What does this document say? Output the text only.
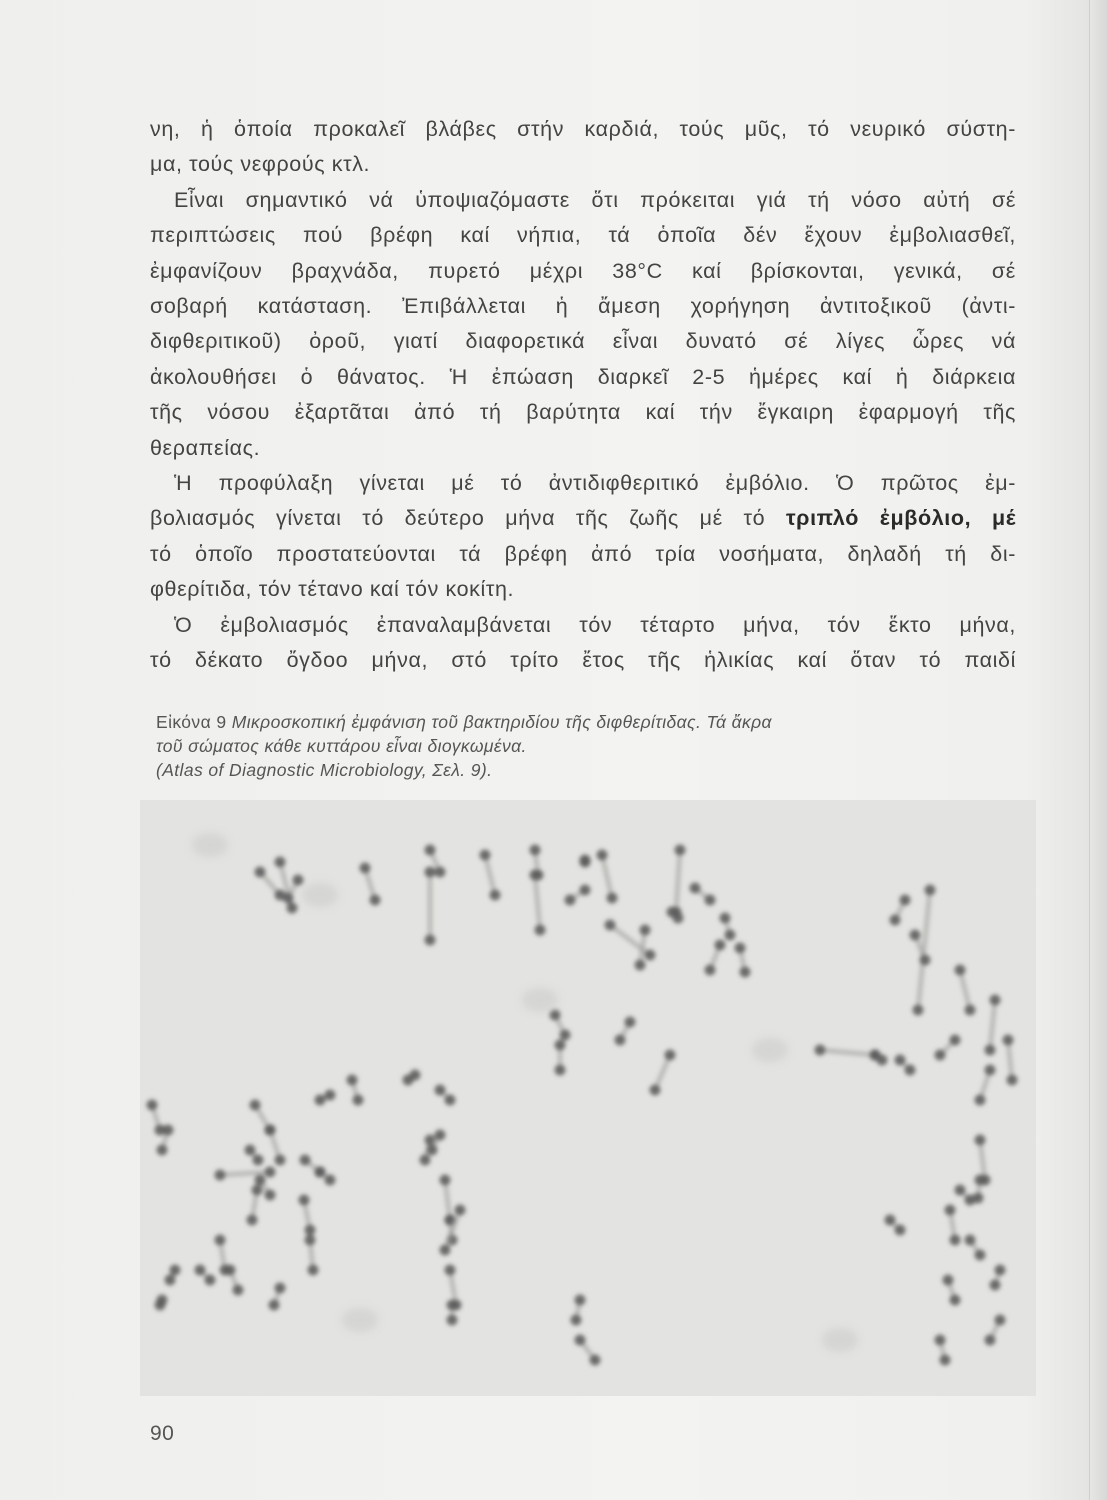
νη, ἡ ὁποία προκαλεῖ βλάβες στήν καρδιά, τούς μῦς, τό νευρικό σύστη-
μα, τούς νεφρούς κτλ.
Εἶναι σημαντικό νά ὑποψιαζόμαστε ὅτι πρόκειται γιά τή νόσο αὐτή σέ
περιπτώσεις πού βρέφη καί νήπια, τά ὁποῖα δέν ἔχουν ἐμβολιασθεῖ,
ἐμφανίζουν βραχνάδα, πυρετό μέχρι 38°C καί βρίσκονται, γενικά, σέ
σοβαρή κατάσταση. Ἐπιβάλλεται ἡ ἄμεση χορήγηση ἀντιτοξικοῦ (ἀντι-
διφθεριτικοῦ) ὀροῦ, γιατί διαφορετικά εἶναι δυνατό σέ λίγες ὧρες νά
ἀκολουθήσει ὁ θάνατος. Ἡ ἐπώαση διαρκεῖ 2-5 ἡμέρες καί ἡ διάρκεια
τῆς νόσου ἐξαρτᾶται ἀπό τή βαρύτητα καί τήν ἔγκαιρη ἐφαρμογή τῆς
θεραπείας.
Ἡ προφύλαξη γίνεται μέ τό ἀντιδιφθεριτικό ἐμβόλιο. Ὁ πρῶτος ἐμ-
βολιασμός γίνεται τό δεύτερο μήνα τῆς ζωῆς μέ τό τριπλό ἐμβόλιο, μέ
τό ὁποῖο προστατεύονται τά βρέφη ἀπό τρία νοσήματα, δηλαδή τή δι-
φθερίτιδα, τόν τέτανο καί τόν κοκίτη.
Ὁ ἐμβολιασμός ἐπαναλαμβάνεται τόν τέταρτο μήνα, τόν ἕκτο μήνα,
τό δέκατο ὄγδοο μήνα, στό τρίτο ἔτος τῆς ἡλικίας καί ὅταν τό παιδί
Εἰκόνα 9 Μικροσκοπική ἐμφάνιση τοῦ βακτηριδίου τῆς διφθερίτιδας. Τά ἄκρα
τοῦ σώματος κάθε κυττάρου εἶναι διογκωμένα.
(Atlas of Diagnostic Microbiology, Σελ. 9).
90
